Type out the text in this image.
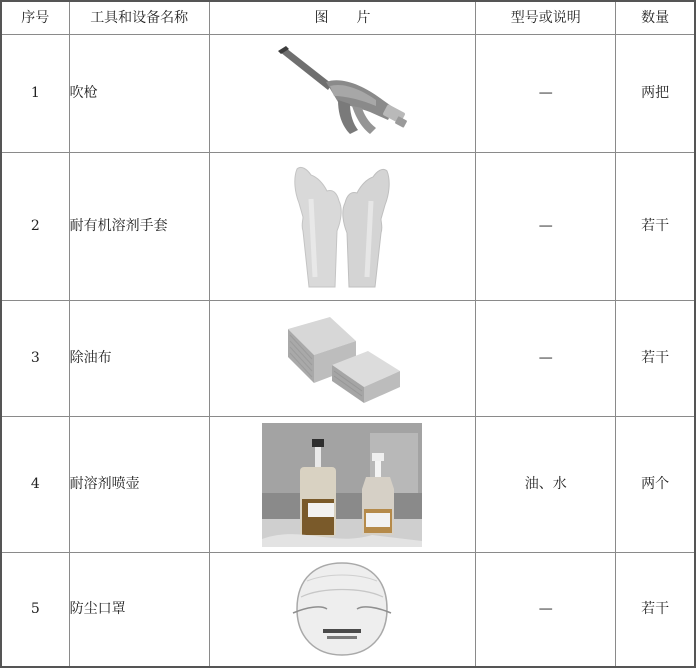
序号	工具和设备名称	图　　片	型号或说明	数量
1	吹枪		—	两把
2	耐有机溶剂手套		—	若干
3	除油布		—	若干
4	耐溶剂喷壶		油、水	两个
5	防尘口罩		—	若干
